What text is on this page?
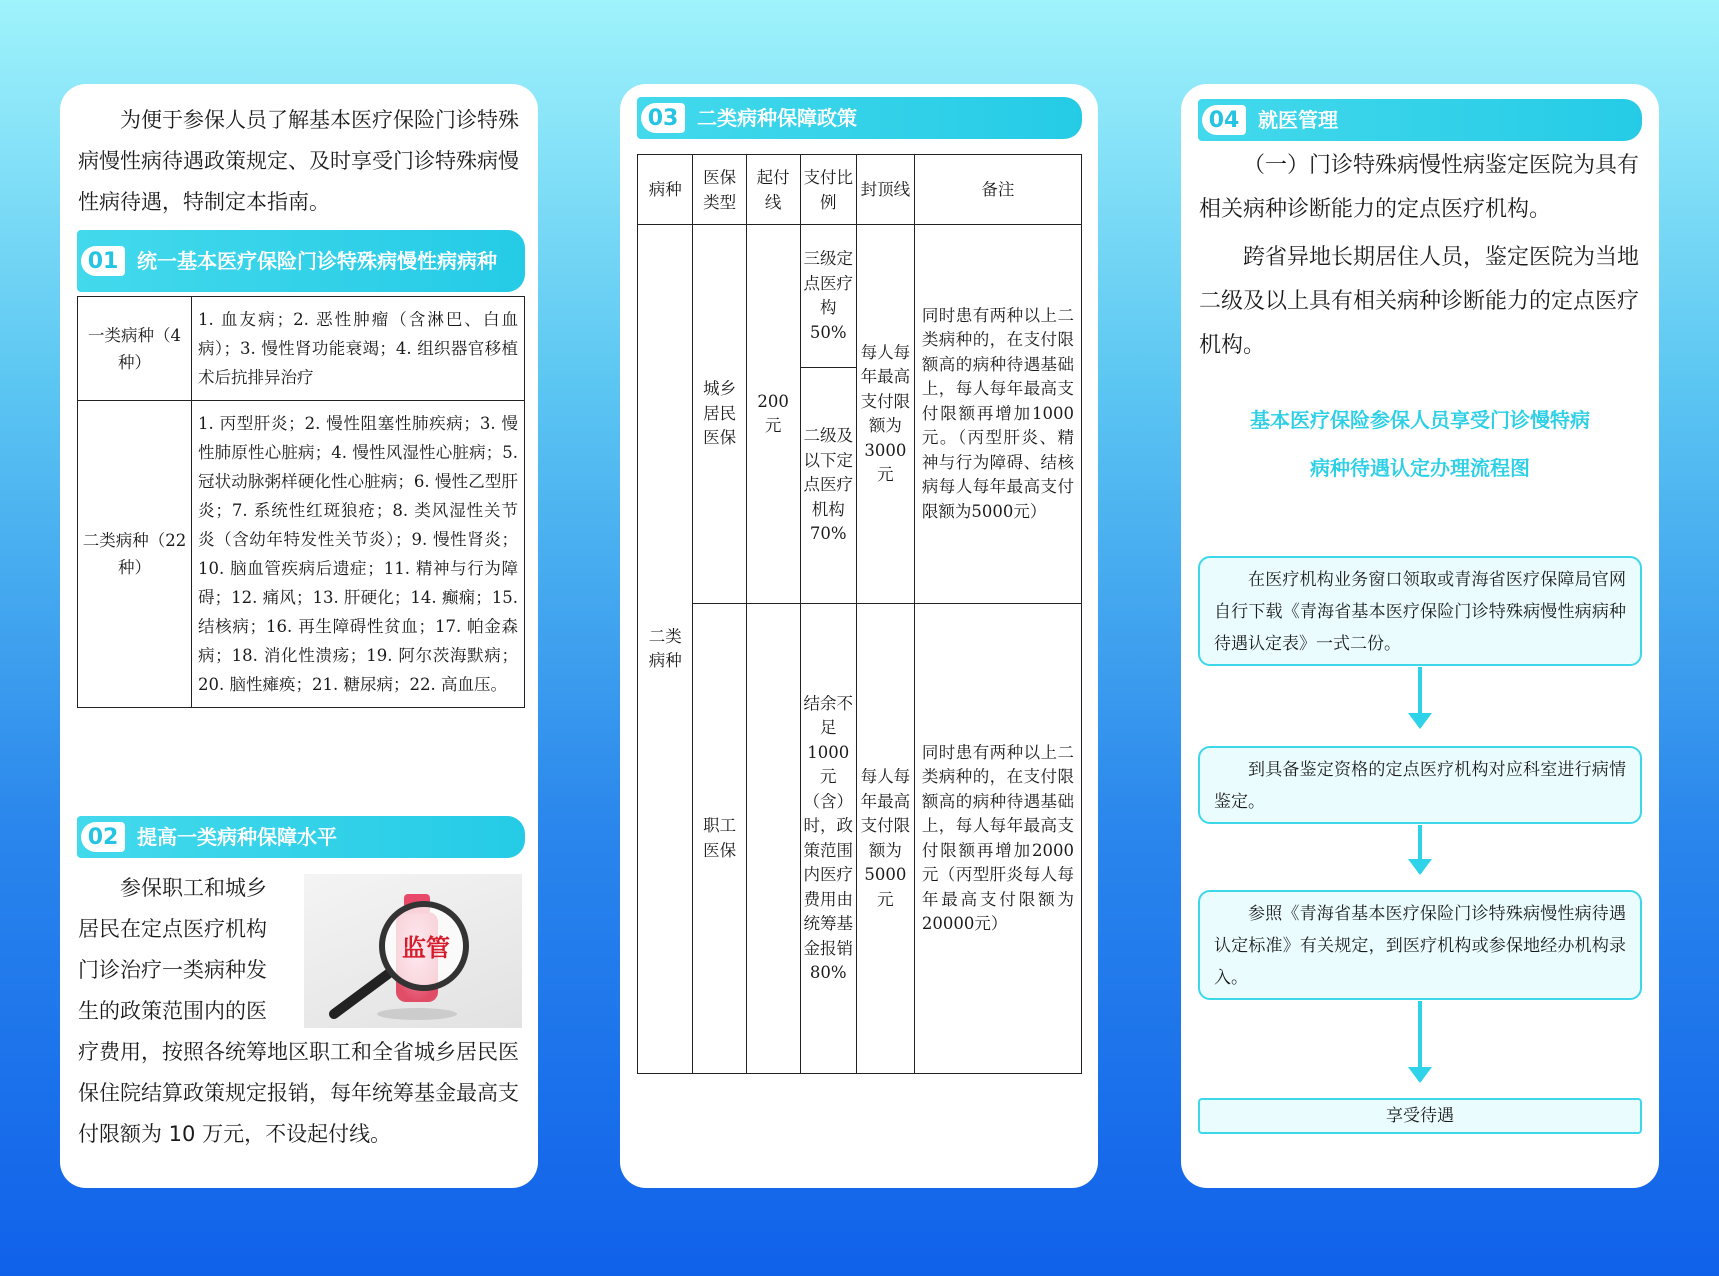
为便于参保人员了解基本医疗保险门诊特殊病慢性病待遇政策规定、及时享受门诊特殊病慢性病待遇，特制定本指南。

01 统一基本医疗保险门诊特殊病慢性病病种
一类病种（4种）	1. 血友病；2. 恶性肿瘤（含淋巴、白血病）；3. 慢性肾功能衰竭；4. 组织器官移植术后抗排异治疗
二类病种（22种）	1. 丙型肝炎；2. 慢性阻塞性肺疾病；3. 慢性肺原性心脏病；4. 慢性风湿性心脏病；5. 冠状动脉粥样硬化性心脏病；6. 慢性乙型肝炎；7. 系统性红斑狼疮；8. 类风湿性关节炎（含幼年特发性关节炎）；9. 慢性肾炎；10. 脑血管疾病后遗症；11. 精神与行为障碍；12. 痛风；13. 肝硬化；14. 癫痫；15. 结核病；16. 再生障碍性贫血；17. 帕金森病；18. 消化性溃疡；19. 阿尔茨海默病；20. 脑性瘫痪；21. 糖尿病；22. 高血压。
02 提高一类病种保障水平
参保职工和城乡
居民在定点医疗机构
门诊治疗一类病种发
生的政策范围内的医
疗费用，按照各统筹地区职工和全省城乡居民医保住院结算政策规定报销，每年统筹基金最高支付限额为 10 万元，不设起付线。
监管
03 二类病种保障政策
病种	医保类型	起付线	支付比例	封顶线	备注
二类病种	城乡居民医保	200元	三级定点医疗构50%	每人每年最高支付限额为3000元	同时患有两种以上二类病种的，在支付限额高的病种待遇基础上，每人每年最高支付限额再增加1000元。（丙型肝炎、精神与行为障碍、结核病每人每年最高支付限额为5000元）
			二级及以下定点医疗机构70%		
	职工医保		结余不足1000元（含）时，政策范围内医疗费用由统筹基金报销80%	每人每年最高支付限额为5000元	同时患有两种以上二类病种的，在支付限额高的病种待遇基础上，每人每年最高支付限额再增加2000元（丙型肝炎每人每年最高支付限额为20000元）
04 就医管理

（一）门诊特殊病慢性病鉴定医院为具有相关病种诊断能力的定点医疗机构。

跨省异地长期居住人员，鉴定医院为当地二级及以上具有相关病种诊断能力的定点医疗机构。

基本医疗保险参保人员享受门诊慢特病
病种待遇认定办理流程图
在医疗机构业务窗口领取或青海省医疗保障局官网自行下载《青海省基本医疗保险门诊特殊病慢性病病种待遇认定表》一式二份。
到具备鉴定资格的定点医疗机构对应科室进行病情鉴定。
参照《青海省基本医疗保险门诊特殊病慢性病待遇认定标准》有关规定，到医疗机构或参保地经办机构录入。
享受待遇
